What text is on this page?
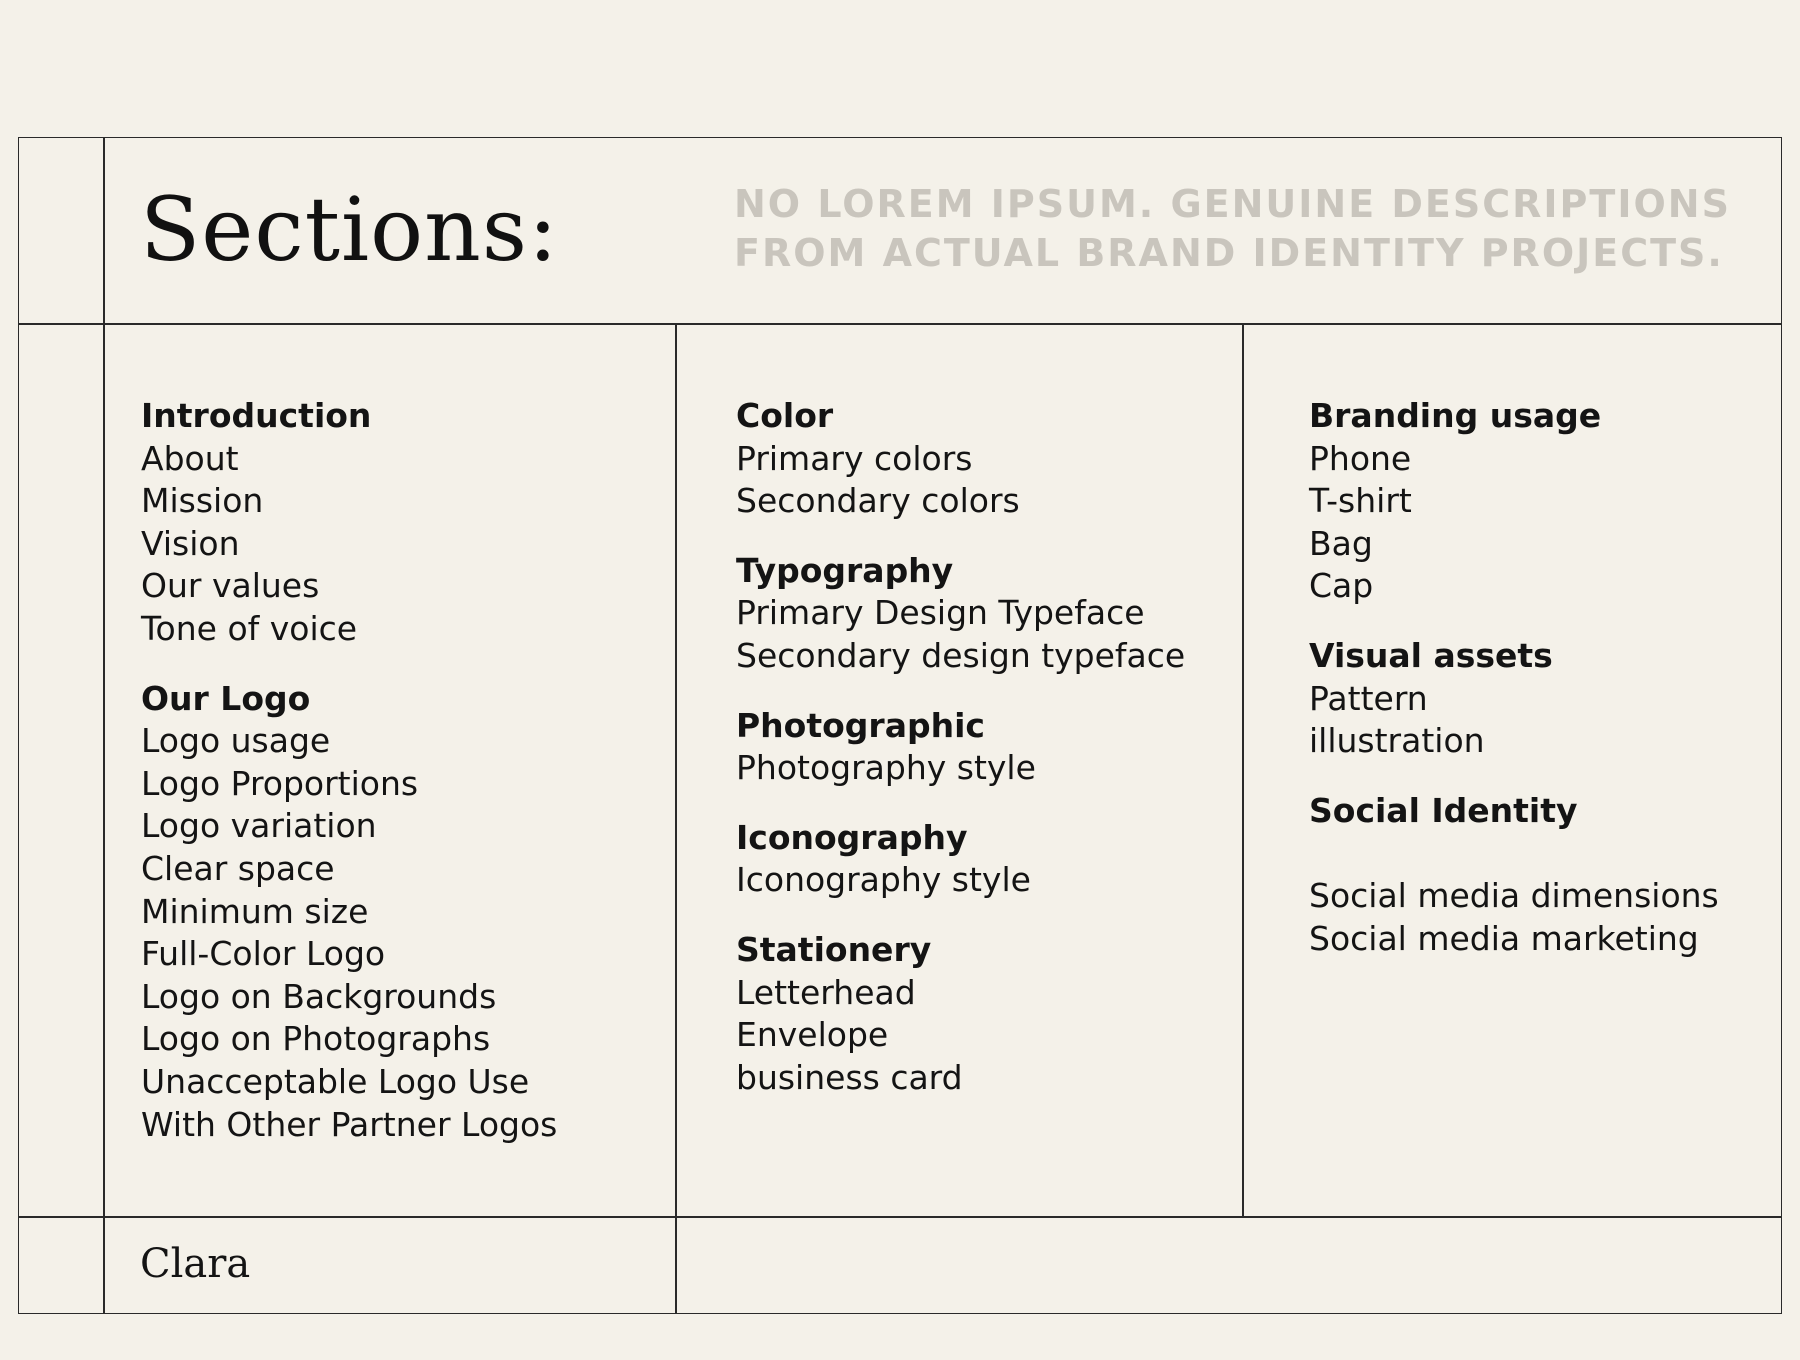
Sections:	NO LOREM IPSUM. GENUINE DESCRIPTIONS
FROM ACTUAL BRAND IDENTITY PROJECTS.
Introduction
About
Mission
Vision
Our values
Tone of voice
Our Logo
Logo usage
Logo Proportions
Logo variation
Clear space
Minimum size
Full-Color Logo
Logo on Backgrounds
Logo on Photographs
Unacceptable Logo Use
With Other Partner Logos
Color
Primary colors
Secondary colors
Typography
Primary Design Typeface
Secondary design typeface
Photographic
Photography style
Iconography
Iconography style
Stationery
Letterhead
Envelope
business card
Branding usage
Phone
T-shirt
Bag
Cap
Visual assets
Pattern
illustration
Social Identity
Social media dimensions
Social media marketing
Clara
